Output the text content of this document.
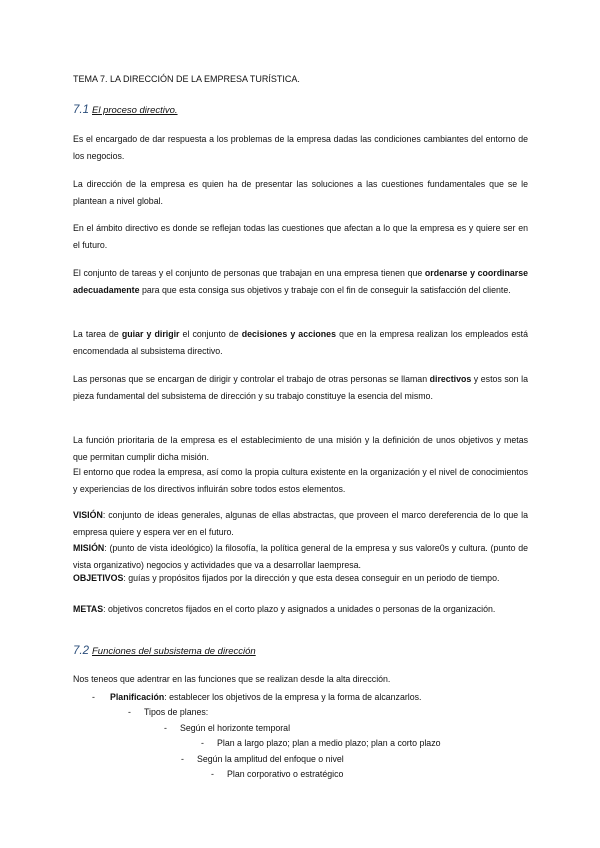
TEMA 7. LA DIRECCIÓN DE LA EMPRESA TURÍSTICA.
7.1 El proceso directivo.

Es el encargado de dar respuesta a los problemas de la empresa dadas las condiciones cambiantes del entorno de los negocios.

La dirección de la empresa es quien ha de presentar las soluciones a las cuestiones fundamentales que se le plantean a nivel global.

En el ámbito directivo es donde se reflejan todas las cuestiones que afectan a lo que la empresa es y quiere ser en el futuro.

El conjunto de tareas y el conjunto de personas que trabajan en una empresa tienen que ordenarse y coordinarse adecuadamente para que esta consiga sus objetivos y trabaje con el fin de conseguir la satisfacción del cliente.

La tarea de guiar y dirigir el conjunto de decisiones y acciones que en la empresa realizan los empleados está encomendada al subsistema directivo.

Las personas que se encargan de dirigir y controlar el trabajo de otras personas se llaman directivos y estos son la pieza fundamental del subsistema de dirección y su trabajo constituye la esencia del mismo.

La función prioritaria de la empresa es el establecimiento de una misión y la definición de unos objetivos y metas que permitan cumplir dicha misión.

El entorno que rodea la empresa, así como la propia cultura existente en la organización y el nivel de conocimientos y experiencias de los directivos influirán sobre todos estos elementos.

VISIÓN: conjunto de ideas generales, algunas de ellas abstractas, que proveen el marco dereferencia de lo que la empresa quiere y espera ver en el futuro.

MISIÓN: (punto de vista ideológico) la filosofía, la política general de la empresa y sus valore0s y cultura. (punto de vista organizativo) negocios y actividades que va a desarrollar laempresa.

OBJETIVOS: guías y propósitos fijados por la dirección y que esta desea conseguir en un periodo de tiempo.

METAS: objetivos concretos fijados en el corto plazo y asignados a unidades o personas de la organización.

7.2 Funciones del subsistema de dirección

Nos teneos que adentrar en las funciones que se realizan desde la alta dirección.

- Planificación: establecer los objetivos de la empresa y la forma de alcanzarlos.
- Tipos de planes:
- Según el horizonte temporal
- Plan a largo plazo; plan a medio plazo; plan a corto plazo
- Según la amplitud del enfoque o nivel
- Plan corporativo o estratégico
